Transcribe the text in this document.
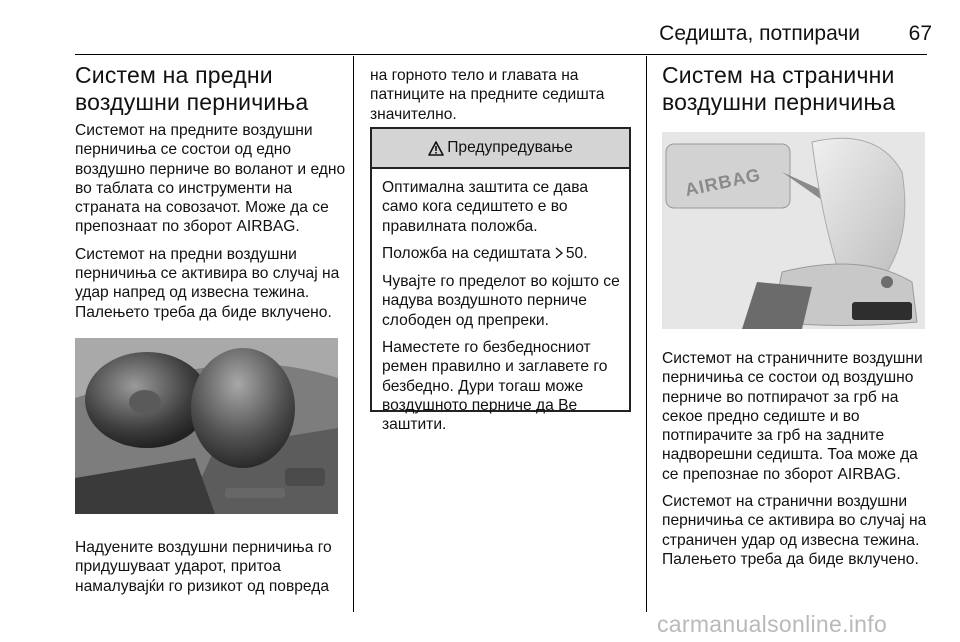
Седишта, потпирачи	67
Систем на предни
воздушни перничиња

Системот на предните воздушни перничиња се состои од едно воздушно перниче во воланот и едно во таблата со инструменти на страната на совозачот. Може да се препознаат по зборот AIRBAG.

Системот на предни воздушни перничиња се активира во случај на удар напред од извесна тежина. Палењето треба да биде вклучено.

Надуените воздушни перничиња го придушуваат ударот, притоа намалувајќи го ризикот од повреда

на горното тело и главата на патниците на предните седишта значително.

Предупредување

Оптимална заштита се дава само кога седиштето е во правилната положба.

Положба на седиштата 50.

Чувајте го пределот во којшто се надува воздушното перниче слободен од препреки.

Наместете го безбедносниот ремен правилно и заглавете го безбедно. Дури тогаш може воздушното перниче да Ве заштити.

Систем на странични
воздушни перничиња
AIRBAG

Системот на страничните воздушни перничиња се состои од воздушно перниче во потпирачот за грб на секое предно седиште и во потпирачите за грб на задните надворешни седишта. Тоа може да се препознае по зборот AIRBAG.

Системот на странични воздушни перничиња се активира во случај на страничен удар од извесна тежина. Палењето треба да биде вклучено.

carmanualsonline.info
